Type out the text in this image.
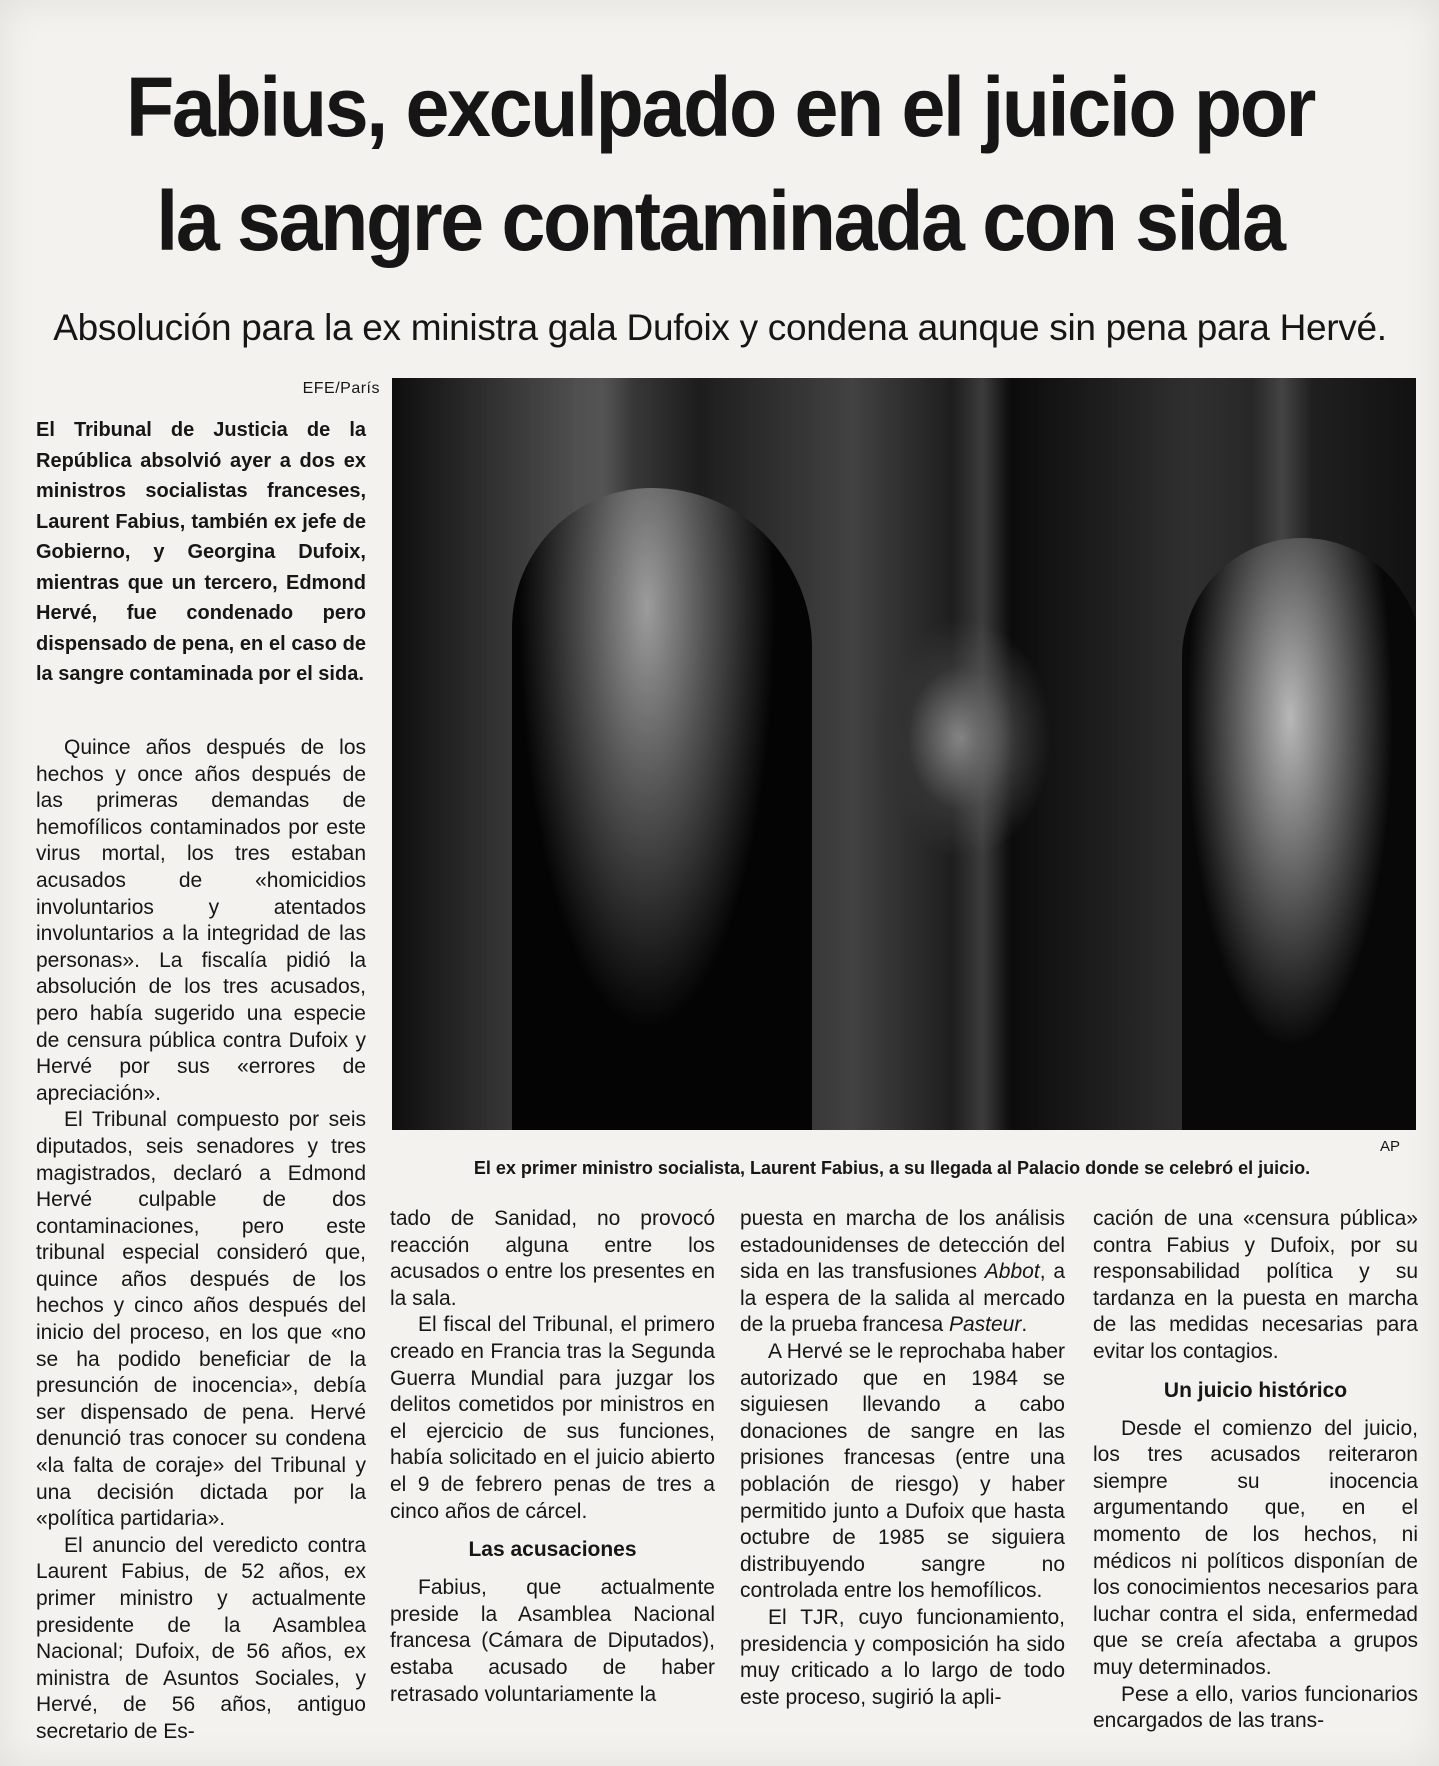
Fabius, exculpado en el juicio por
la sangre contaminada con sida
Absolución para la ex ministra gala Dufoix y condena aunque sin pena para Hervé.
EFE/París

El Tribunal de Justicia de la República absolvió ayer a dos ex ministros socialistas franceses, Laurent Fabius, también ex jefe de Gobierno, y Georgina Dufoix, mientras que un tercero, Edmond Hervé, fue condenado pero dispensado de pena, en el caso de la sangre contaminada por el sida.

Quince años después de los hechos y once años después de las primeras demandas de hemofílicos contaminados por este virus mortal, los tres estaban acusados de «homicidios involuntarios y atentados involuntarios a la integridad de las personas». La fiscalía pidió la absolución de los tres acusados, pero había sugerido una especie de censura pública contra Dufoix y Hervé por sus «errores de apreciación».

El Tribunal compuesto por seis diputados, seis senadores y tres magistrados, declaró a Edmond Hervé culpable de dos contaminaciones, pero este tribunal especial consideró que, quince años después de los hechos y cinco años después del inicio del proceso, en los que «no se ha podido beneficiar de la presunción de inocencia», debía ser dispensado de pena. Hervé denunció tras conocer su condena «la falta de coraje» del Tribunal y una decisión dictada por la «política partidaria».

El anuncio del veredicto contra Laurent Fabius, de 52 años, ex primer ministro y actualmente presidente de la Asamblea Nacional; Dufoix, de 56 años, ex ministra de Asuntos Sociales, y Hervé, de 56 años, antiguo secretario de Es-

AP
El ex primer ministro socialista, Laurent Fabius, a su llegada al Palacio donde se celebró el juicio.

tado de Sanidad, no provocó reacción alguna entre los acusados o entre los presentes en la sala.

El fiscal del Tribunal, el primero creado en Francia tras la Segunda Guerra Mundial para juzgar los delitos cometidos por ministros en el ejercicio de sus funciones, había solicitado en el juicio abierto el 9 de febrero penas de tres a cinco años de cárcel.

Las acusaciones

Fabius, que actualmente preside la Asamblea Nacional francesa (Cámara de Diputados), estaba acusado de haber retrasado voluntariamente la

puesta en marcha de los análisis estadounidenses de detección del sida en las transfusiones Abbot, a la espera de la salida al mercado de la prueba francesa Pasteur.

A Hervé se le reprochaba haber autorizado que en 1984 se siguiesen llevando a cabo donaciones de sangre en las prisiones francesas (entre una población de riesgo) y haber permitido junto a Dufoix que hasta octubre de 1985 se siguiera distribuyendo sangre no controlada entre los hemofílicos.

El TJR, cuyo funcionamiento, presidencia y composición ha sido muy criticado a lo largo de todo este proceso, sugirió la apli-

cación de una «censura pública» contra Fabius y Dufoix, por su responsabilidad política y su tardanza en la puesta en marcha de las medidas necesarias para evitar los contagios.

Un juicio histórico

Desde el comienzo del juicio, los tres acusados reiteraron siempre su inocencia argumentando que, en el momento de los hechos, ni médicos ni políticos disponían de los conocimientos necesarios para luchar contra el sida, enfermedad que se creía afectaba a grupos muy determinados.

Pese a ello, varios funcionarios encargados de las trans-
